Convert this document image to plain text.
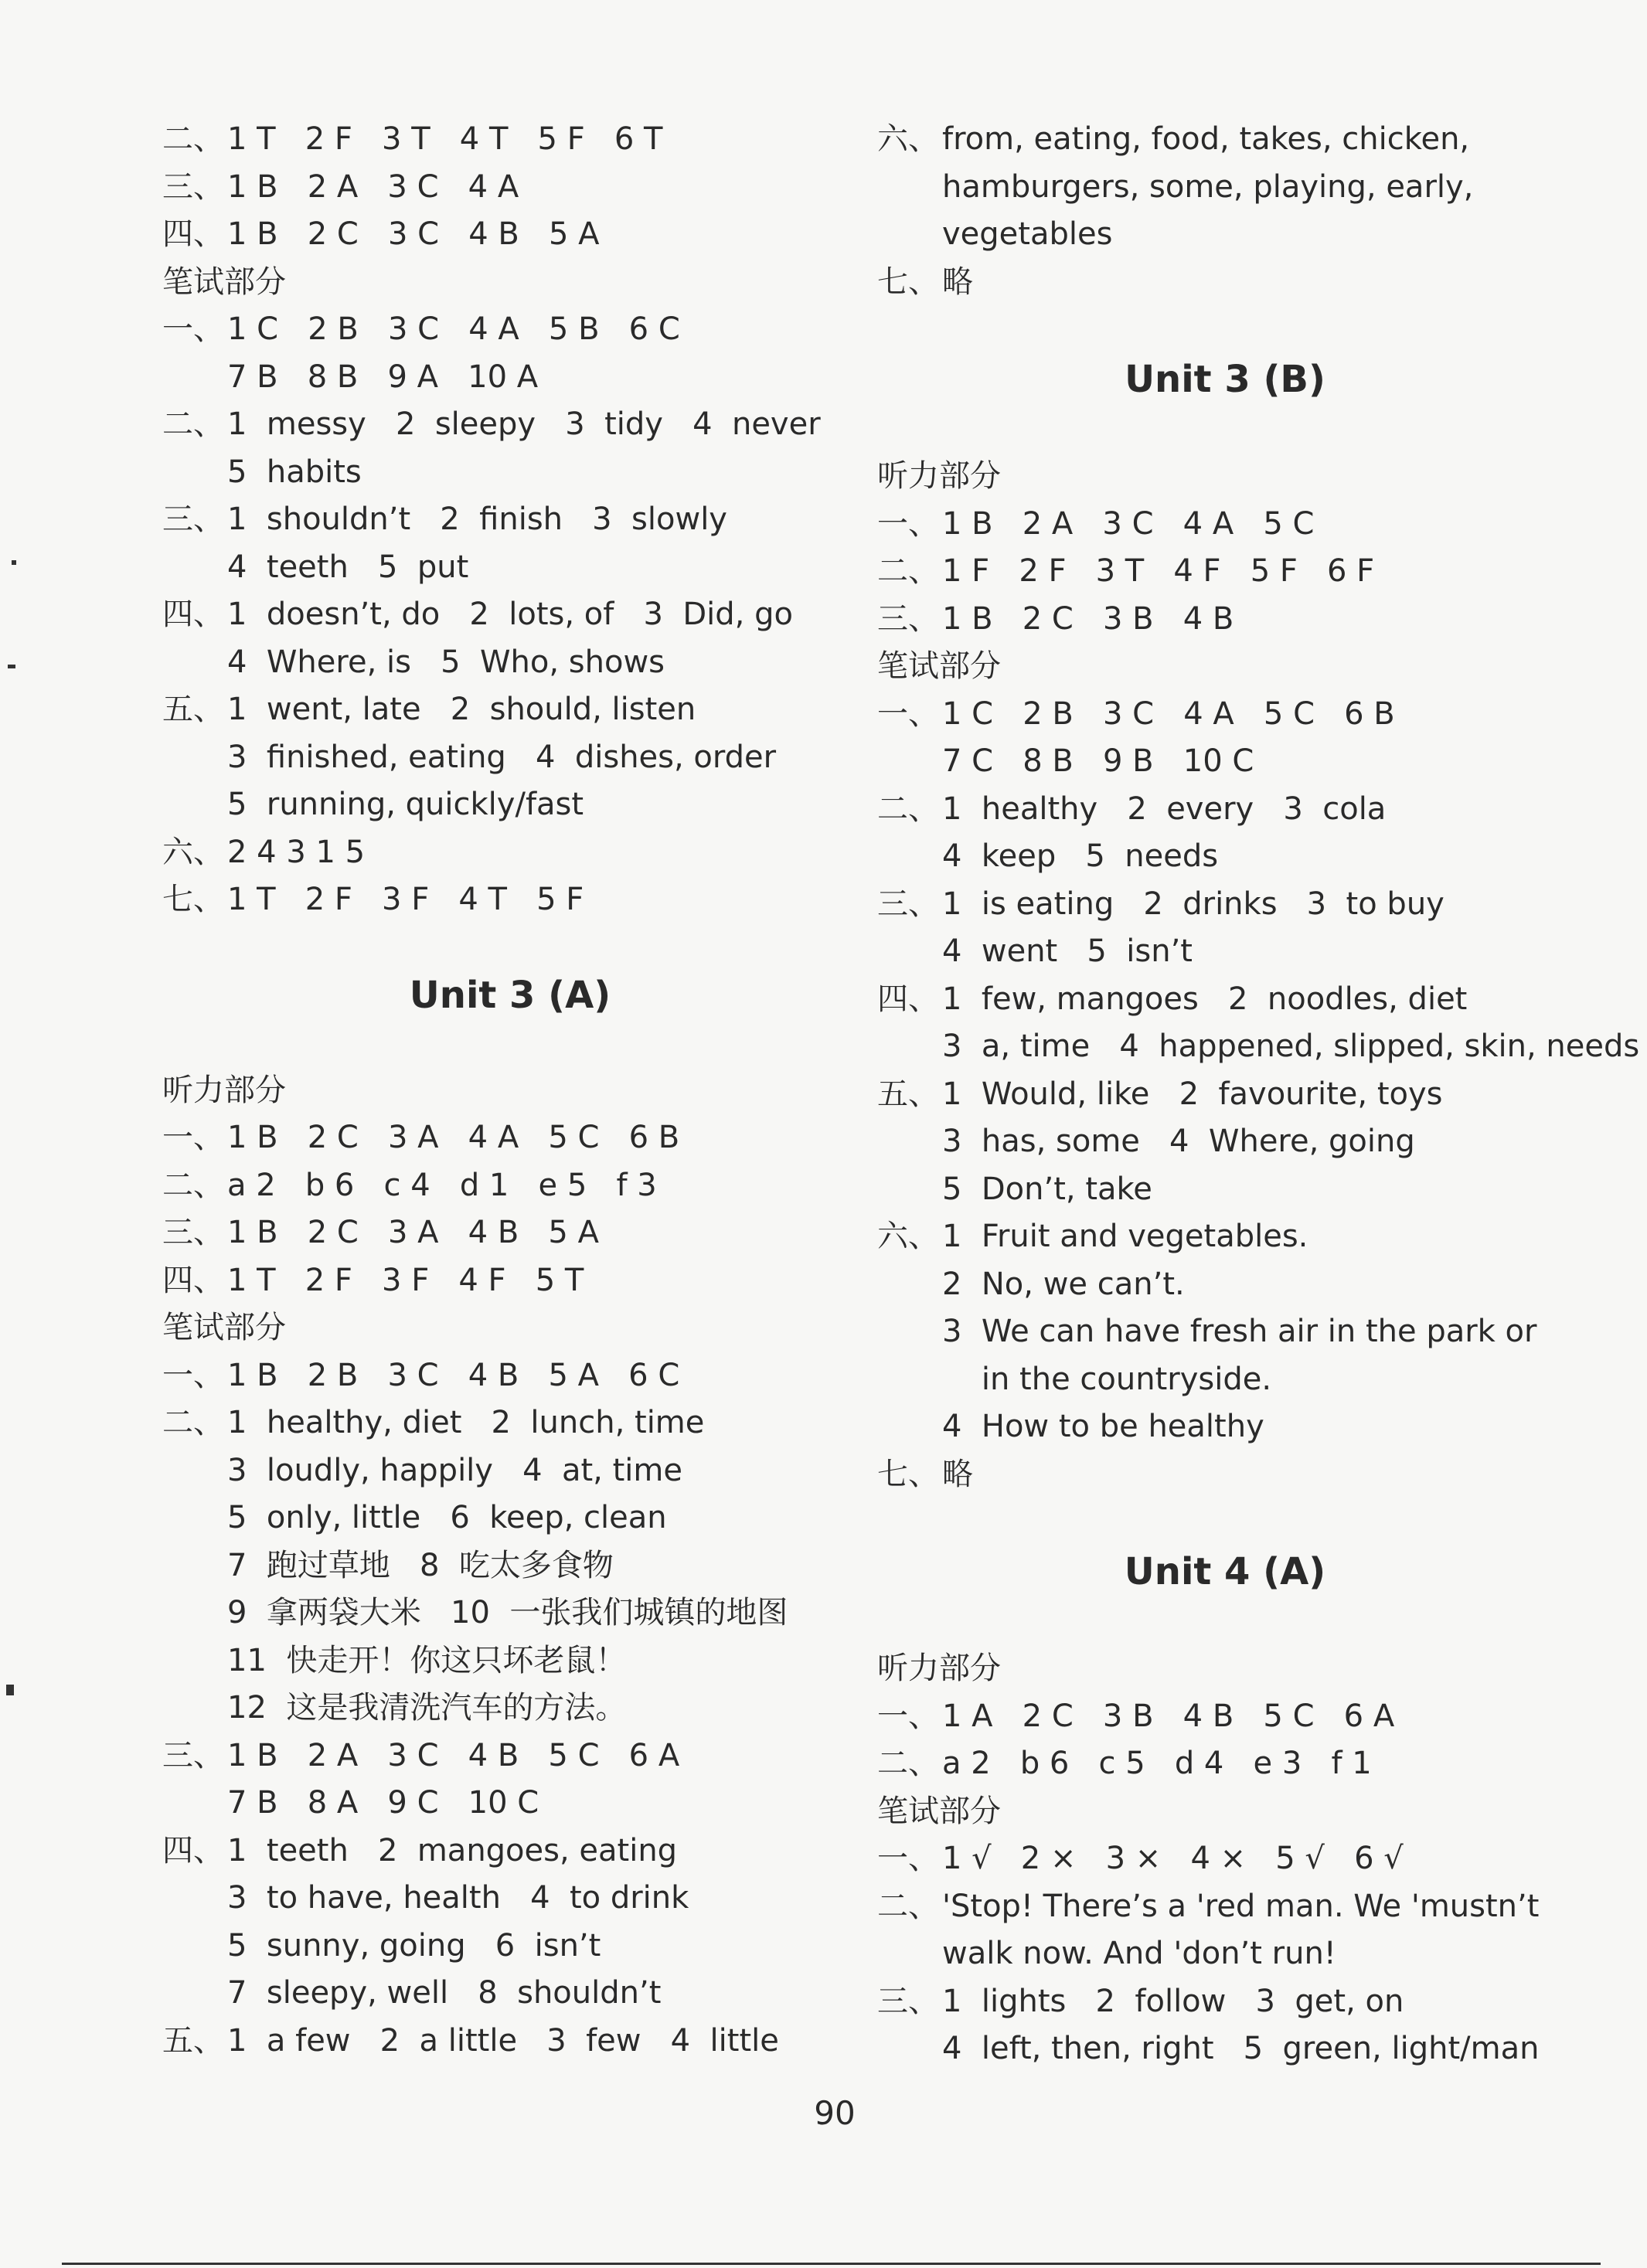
二、 1 T   2 F   3 T   4 T   5 F   6 T
三、 1 B   2 A   3 C   4 A
四、 1 B   2 C   3 C   4 B   5 A
笔试部分
一、 1 C   2 B   3 C   4 A   5 B   6 C
7 B   8 B   9 A   10 A
二、 1  messy   2  sleepy   3  tidy   4  never
5  habits
三、 1  shouldn’t   2  finish   3  slowly
4  teeth   5  put
四、 1  doesn’t, do   2  lots, of   3  Did, go
4  Where, is   5  Who, shows
五、 1  went, late   2  should, listen
3  finished, eating   4  dishes, order
5  running, quickly/fast
六、 2 4 3 1 5
七、 1 T   2 F   3 F   4 T   5 F
Unit 3 (A)
听力部分
一、 1 B   2 C   3 A   4 A   5 C   6 B
二、 a 2   b 6   c 4   d 1   e 5   f 3
三、 1 B   2 C   3 A   4 B   5 A
四、 1 T   2 F   3 F   4 F   5 T
笔试部分
一、 1 B   2 B   3 C   4 B   5 A   6 C
二、 1  healthy, diet   2  lunch, time
3  loudly, happily   4  at, time
5  only, little   6  keep, clean
7  跑过草地   8  吃太多食物
9  拿两袋大米   10  一张我们城镇的地图
11  快走开！你这只坏老鼠！
12  这是我清洗汽车的方法。
三、 1 B   2 A   3 C   4 B   5 C   6 A
7 B   8 A   9 C   10 C
四、 1  teeth   2  mangoes, eating
3  to have, health   4  to drink
5  sunny, going   6  isn’t
7  sleepy, well   8  shouldn’t
五、 1  a few   2  a little   3  few   4  little
六、 from, eating, food, takes, chicken,
hamburgers, some, playing, early,
vegetables
七、 略
Unit 3 (B)
听力部分
一、 1 B   2 A   3 C   4 A   5 C
二、 1 F   2 F   3 T   4 F   5 F   6 F
三、 1 B   2 C   3 B   4 B
笔试部分
一、 1 C   2 B   3 C   4 A   5 C   6 B
7 C   8 B   9 B   10 C
二、 1  healthy   2  every   3  cola
4  keep   5  needs
三、 1  is eating   2  drinks   3  to buy
4  went   5  isn’t
四、 1  few, mangoes   2  noodles, diet
3  a, time   4  happened, slipped, skin, needs
五、 1  Would, like   2  favourite, toys
3  has, some   4  Where, going
5  Don’t, take
六、 1  Fruit and vegetables.
2  No, we can’t.
3  We can have fresh air in the park or
in the countryside.
4  How to be healthy
七、 略
Unit 4 (A)
听力部分
一、 1 A   2 C   3 B   4 B   5 C   6 A
二、 a 2   b 6   c 5   d 4   e 3   f 1
笔试部分
一、 1 √   2 ×   3 ×   4 ×   5 √   6 √
二、 'Stop! There’s a 'red man. We 'mustn’t
walk now. And 'don’t run!
三、 1  lights   2  follow   3  get, on
4  left, then, right   5  green, light/man
90
